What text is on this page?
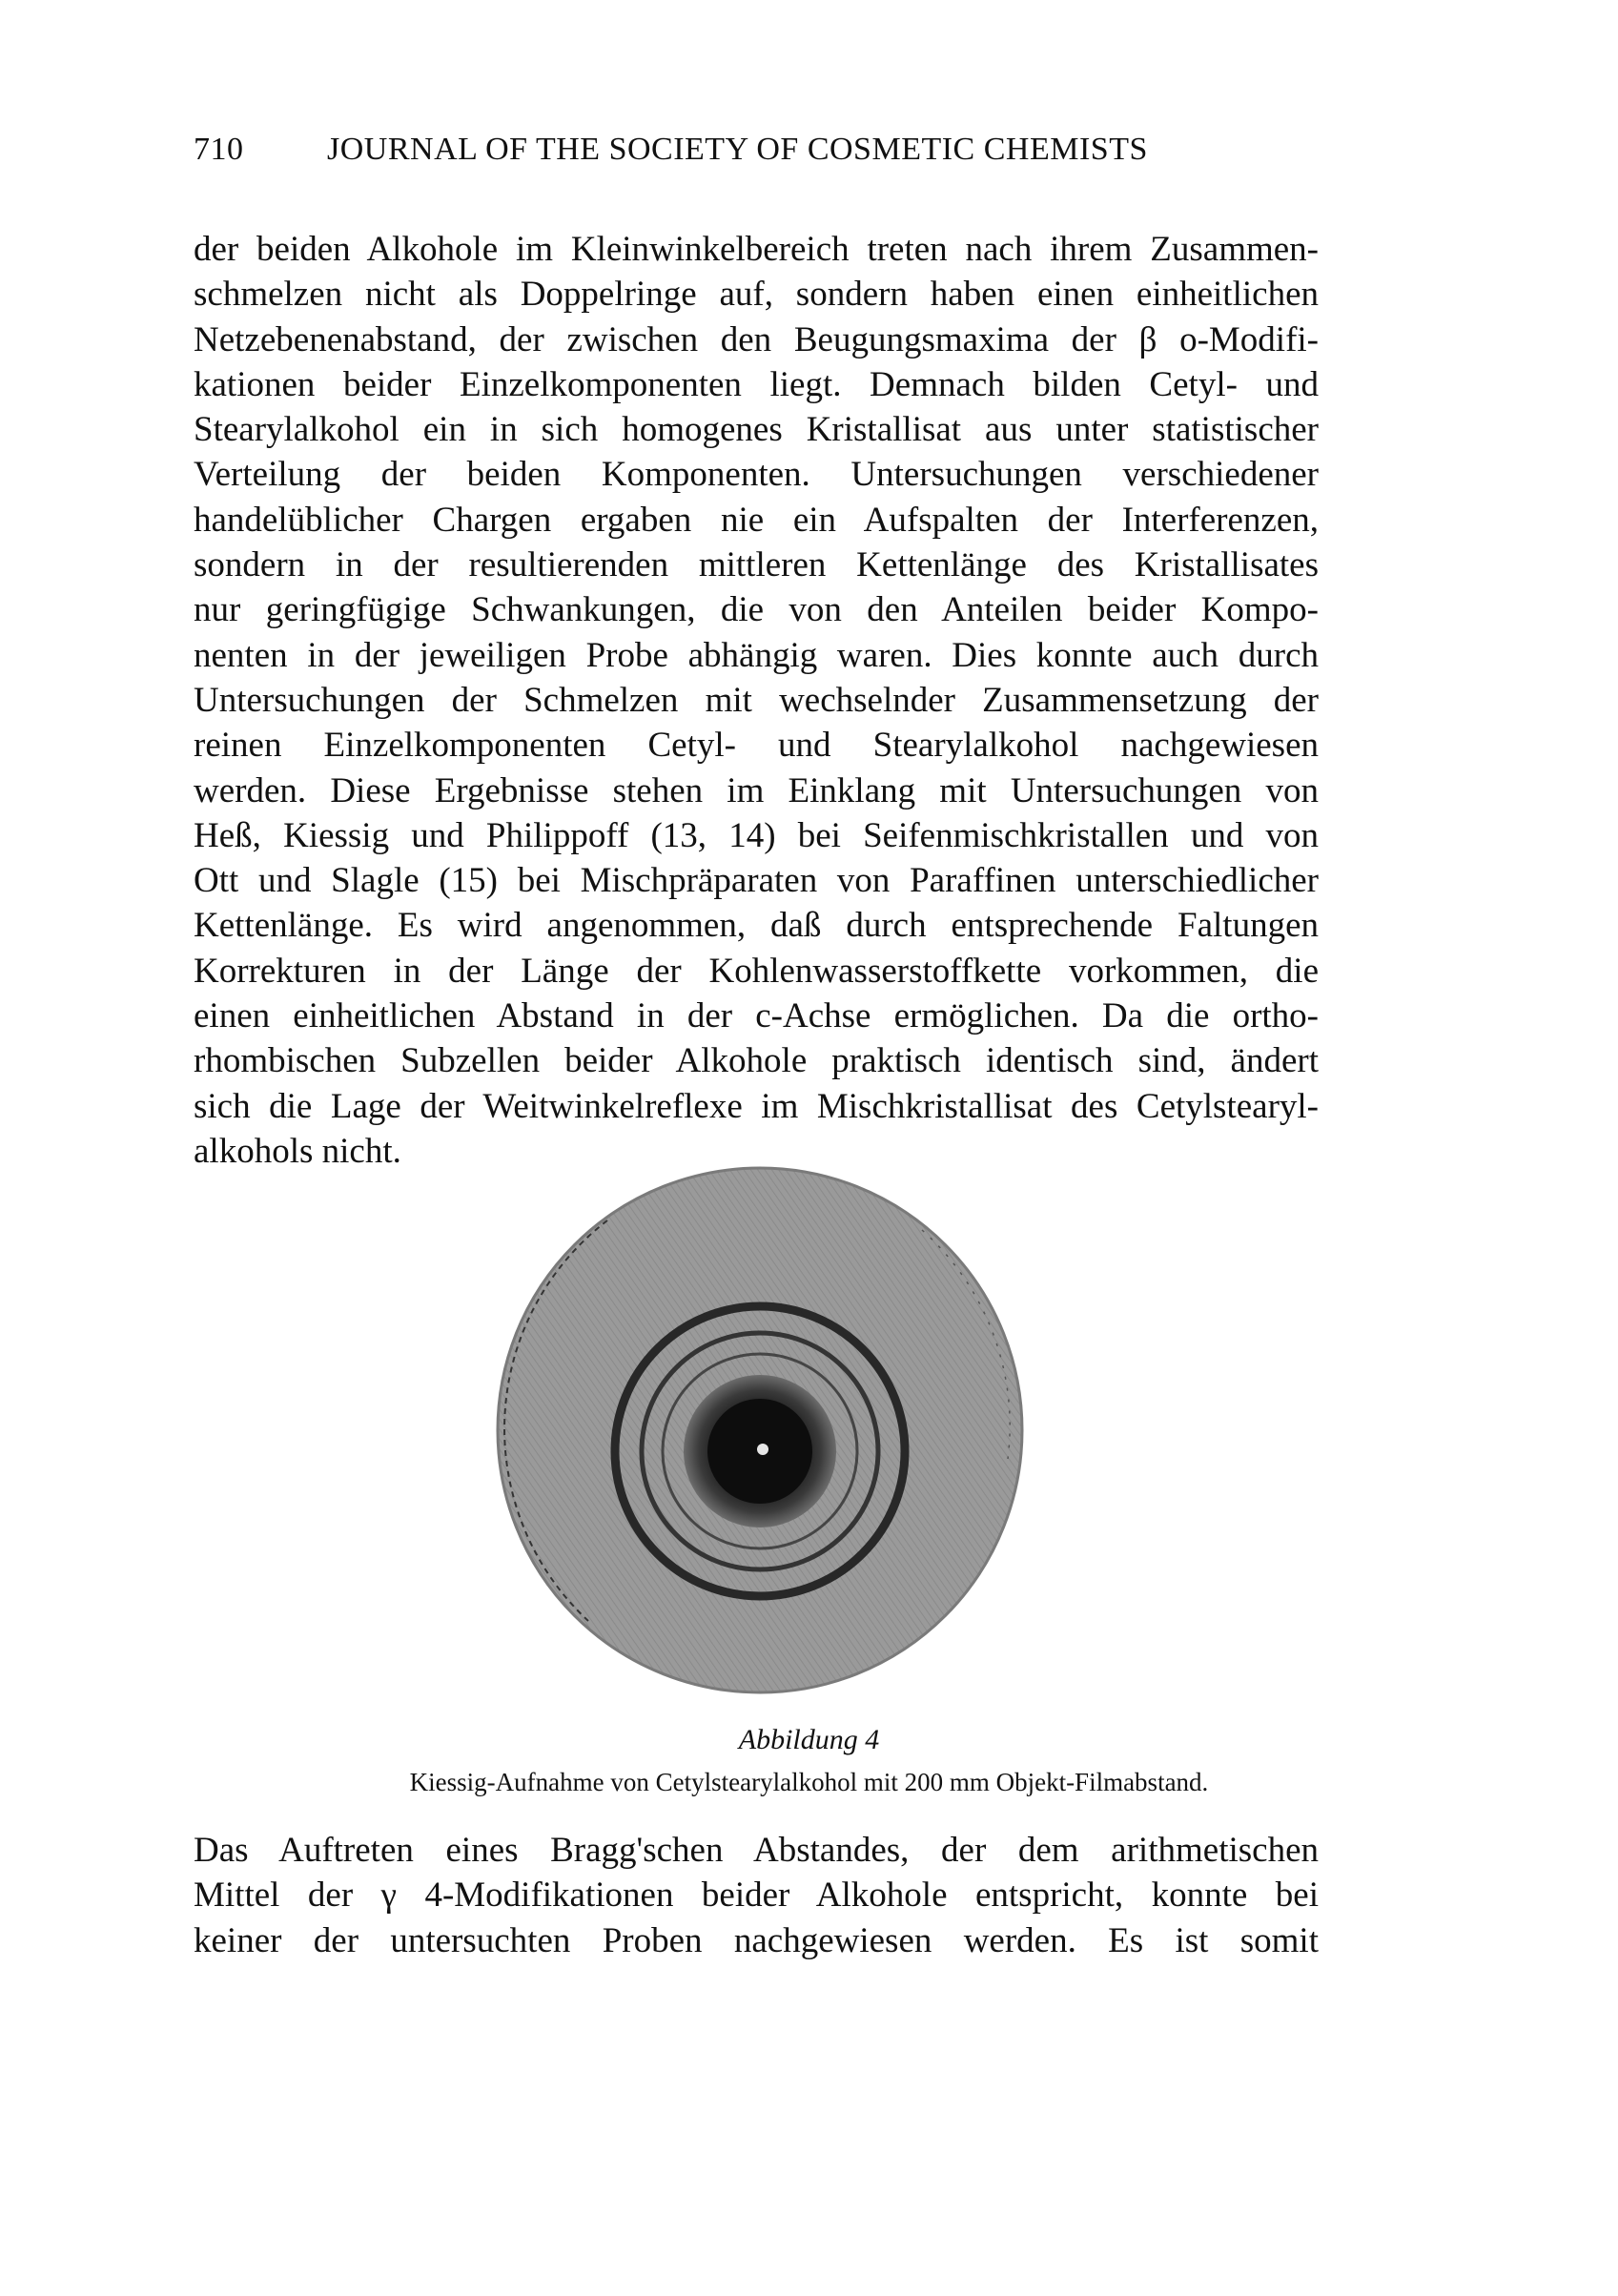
710	JOURNAL OF THE SOCIETY OF COSMETIC CHEMISTS
der beiden Alkohole im Kleinwinkelbereich treten nach ihrem Zusammen-
schmelzen nicht als Doppelringe auf, sondern haben einen einheitlichen
Netzebenenabstand, der zwischen den Beugungsmaxima der β o-Modifi-
kationen beider Einzelkomponenten liegt. Demnach bilden Cetyl- und
Stearylalkohol ein in sich homogenes Kristallisat aus unter statistischer
Verteilung der beiden Komponenten. Untersuchungen verschiedener
handelüblicher Chargen ergaben nie ein Aufspalten der Interferenzen,
sondern in der resultierenden mittleren Kettenlänge des Kristallisates
nur geringfügige Schwankungen, die von den Anteilen beider Kompo-
nenten in der jeweiligen Probe abhängig waren. Dies konnte auch durch
Untersuchungen der Schmelzen mit wechselnder Zusammensetzung der
reinen Einzelkomponenten Cetyl- und Stearylalkohol nachgewiesen
werden. Diese Ergebnisse stehen im Einklang mit Untersuchungen von
Heß, Kiessig und Philippoff (13, 14) bei Seifenmischkristallen und von
Ott und Slagle (15) bei Mischpräparaten von Paraffinen unterschiedlicher
Kettenlänge. Es wird angenommen, daß durch entsprechende Faltungen
Korrekturen in der Länge der Kohlenwasserstoffkette vorkommen, die
einen einheitlichen Abstand in der c-Achse ermöglichen. Da die ortho-
rhombischen Subzellen beider Alkohole praktisch identisch sind, ändert
sich die Lage der Weitwinkelreflexe im Mischkristallisat des Cetylstearyl-
alkohols nicht.
Abbildung 4
Kiessig-Aufnahme von Cetylstearylalkohol mit 200 mm Objekt-Filmabstand.
Das Auftreten eines Bragg'schen Abstandes, der dem arithmetischen
Mittel der γ 4-Modifikationen beider Alkohole entspricht, konnte bei
keiner der untersuchten Proben nachgewiesen werden. Es ist somit
